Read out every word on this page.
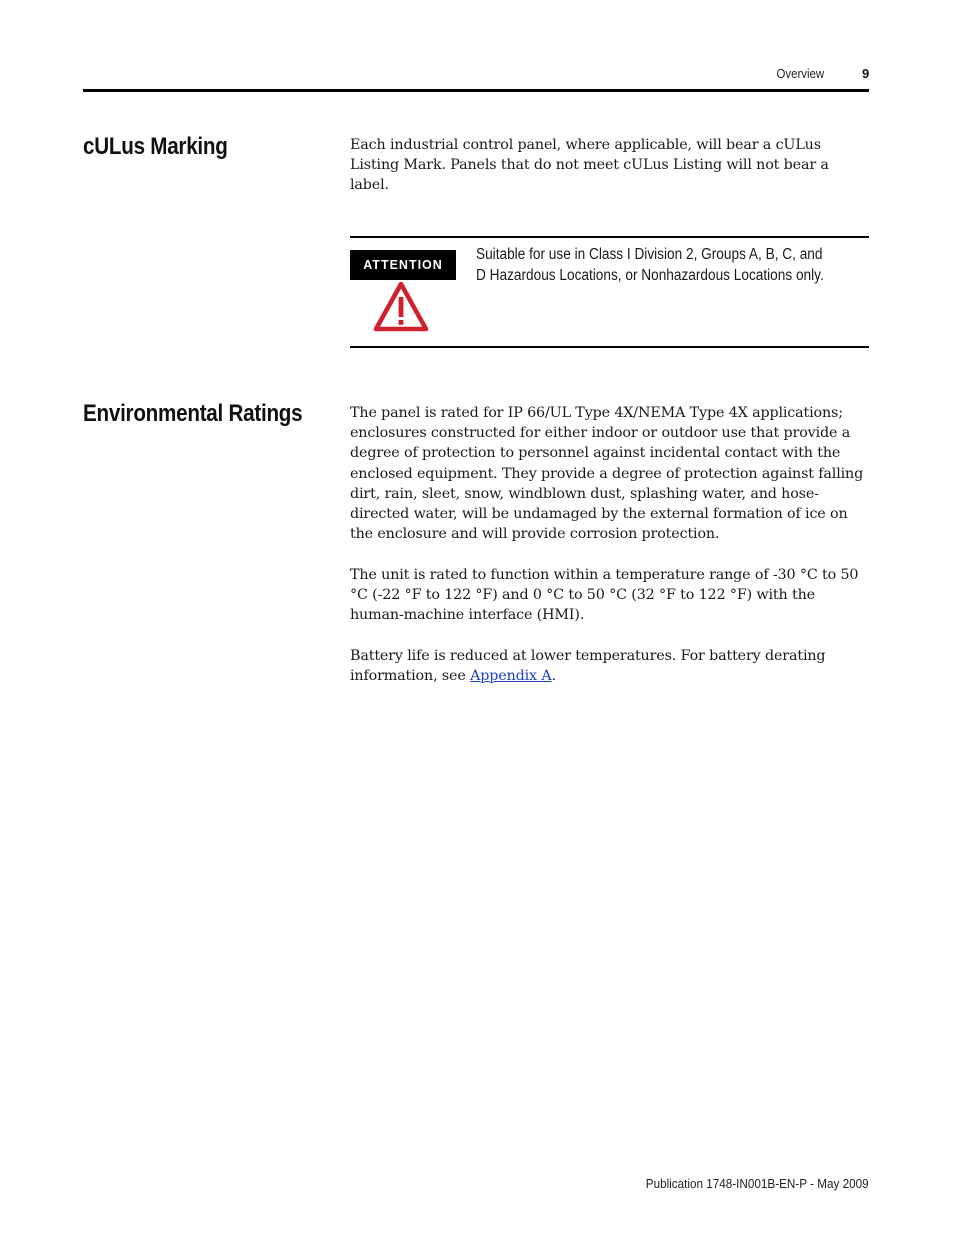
Overview	9
cULus Marking	Each industrial control panel, where applicable, will bear a cULus Listing Mark. Panels that do not meet cULus Listing will not bear a label.

ATTENTION

Suitable for use in Class I Division 2, Groups A, B, C, and D Hazardous Locations, or Nonhazardous Locations only.

Environmental Ratings	The panel is rated for IP 66/UL Type 4X/NEMA Type 4X applications; enclosures constructed for either indoor or outdoor use that provide a degree of protection to personnel against incidental contact with the enclosed equipment. They provide a degree of protection against falling dirt, rain, sleet, snow, windblown dust, splashing water, and hose-directed water, will be undamaged by the external formation of ice on the enclosure and will provide corrosion protection.

The unit is rated to function within a temperature range of -30 °C to 50 °C (-22 °F to 122 °F) and 0 °C to 50 °C (32 °F to 122 °F) with the human-machine interface (HMI).

Battery life is reduced at lower temperatures. For battery derating information, see Appendix A.

Publication 1748-IN001B-EN-P - May 2009
